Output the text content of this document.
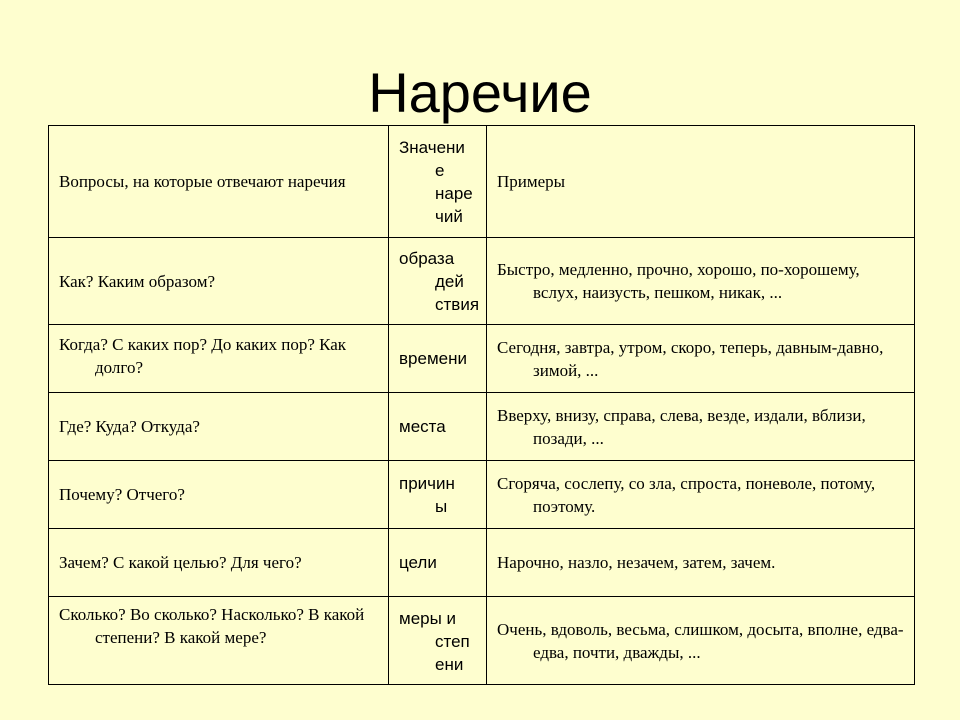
Наречие
Вопросы, на которые отвечают наречия	Значени
е
наре
чий	Примеры

Как? Каким образом?	образа
дей
ствия	Быстро, медленно, прочно, хорошо, по-хорошему, вслух, наизусть, пешком, никак, ...

Когда? С каких пор? До каких пор? Как долго?	времени	Сегодня, завтра, утром, скоро, теперь, давным-давно, зимой, ...

Где? Куда? Откуда?	места	Вверху, внизу, справа, слева, везде, издали, вблизи, позади, ...

Почему? Отчего?	причин
ы	Сгоряча, сослепу, со зла, спроста, поневоле, потому, поэтому.

Зачем? С какой целью? Для чего?	цели	Нарочно, назло, незачем, затем, зачем.

Сколько? Во сколько? Насколько? В какой степени? В какой мере?	меры и
степ
ени	Очень, вдоволь, весьма, слишком, досыта, вполне, едва-едва, почти, дважды, ...
